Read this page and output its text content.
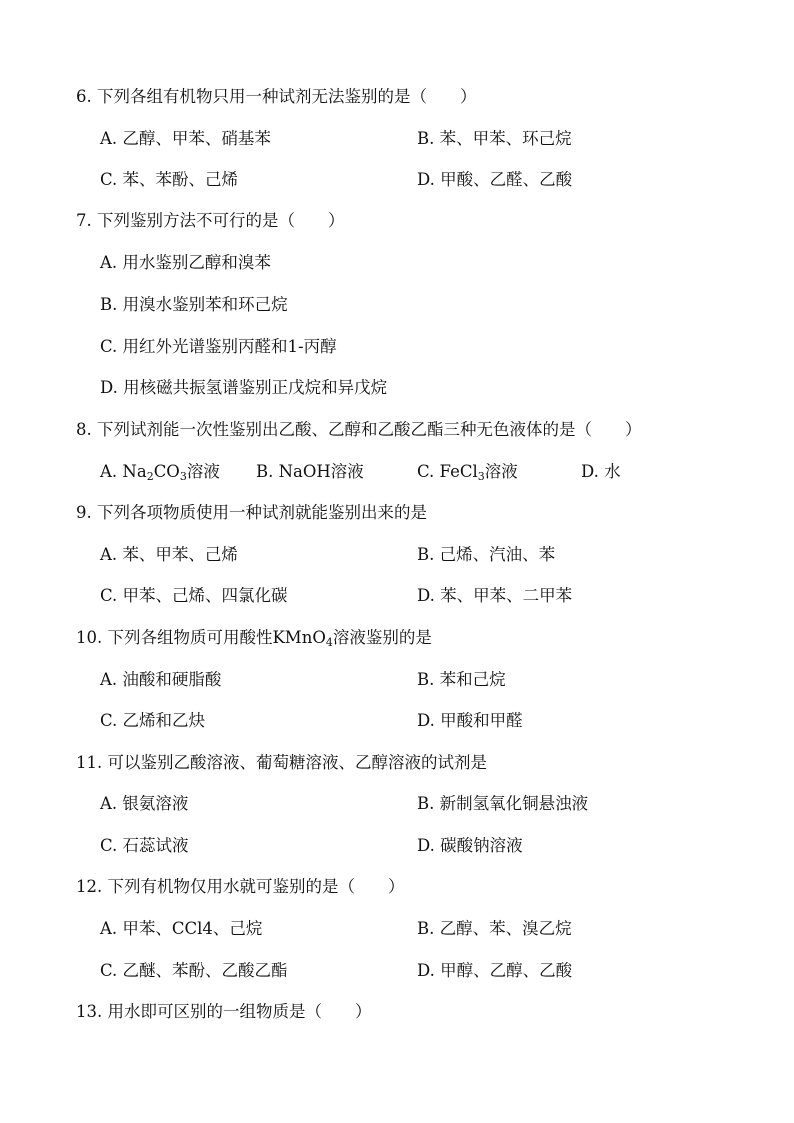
6. 下列各组有机物只用一种试剂无法鉴别的是（　　）
A. 乙醇、甲苯、硝基苯	B. 苯、甲苯、环己烷
C. 苯、苯酚、己烯	D. 甲酸、乙醛、乙酸
7. 下列鉴别方法不可行的是（　　）
A. 用水鉴别乙醇和溴苯
B. 用溴水鉴别苯和环己烷
C. 用红外光谱鉴别丙醛和1-丙醇
D. 用核磁共振氢谱鉴别正戊烷和异戊烷
8. 下列试剂能一次性鉴别出乙酸、乙醇和乙酸乙酯三种无色液体的是（　　）
A. $Na_2CO_3$溶液 B. NaOH溶液	C. FeCl$_3$溶液	D. 水
9. 下列各项物质使用一种试剂就能鉴别出来的是
A. 苯、甲苯、己烯	B. 己烯、汽油、苯
C. 甲苯、己烯、四氯化碳	D. 苯、甲苯、二甲苯
10. 下列各组物质可用酸性KMnO$_4$溶液鉴别的是
A. 油酸和硬脂酸	B. 苯和己烷
C. 乙烯和乙炔	D. 甲酸和甲醛
11. 可以鉴别乙酸溶液、葡萄糖溶液、乙醇溶液的试剂是
A. 银氨溶液	B. 新制氢氧化铜悬浊液
C. 石蕊试液	D. 碳酸钠溶液
12. 下列有机物仅用水就可鉴别的是（　　）
A. 甲苯、CCl4、己烷	B. 乙醇、苯、溴乙烷
C. 乙醚、苯酚、乙酸乙酯	D. 甲醇、乙醇、乙酸
13. 用水即可区别的一组物质是（　　）
